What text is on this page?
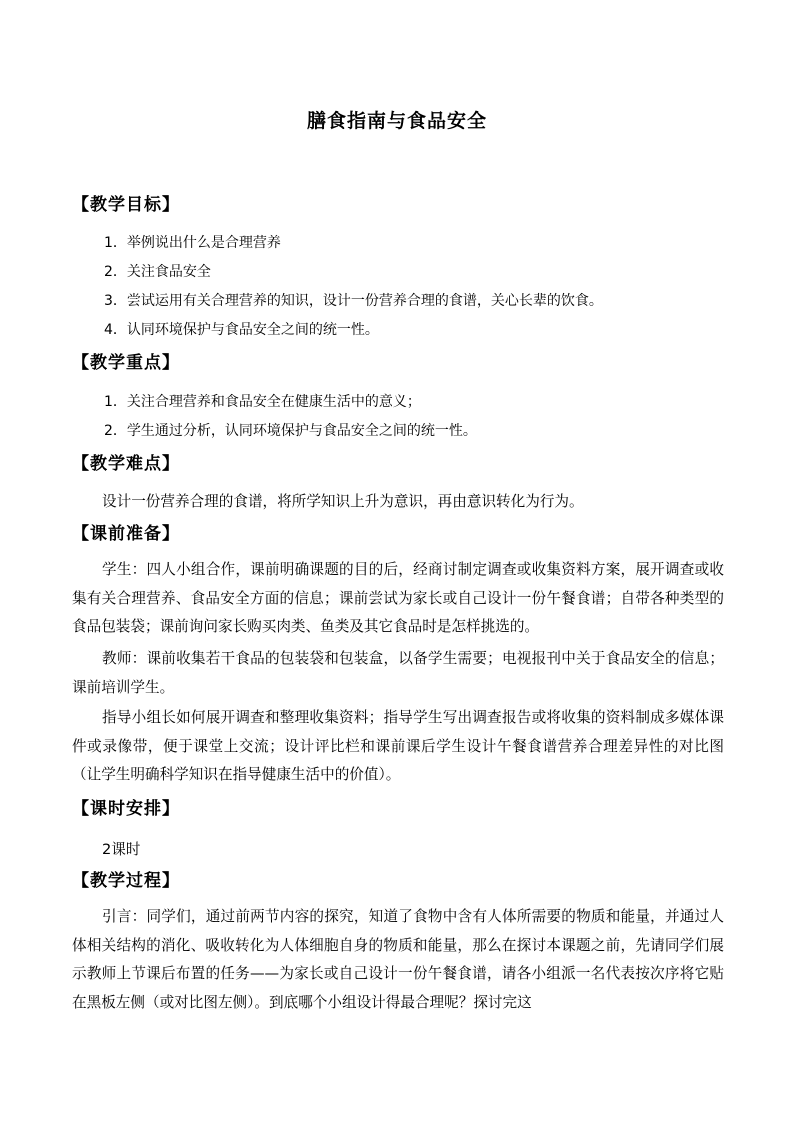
膳食指南与食品安全
【教学目标】
1．举例说出什么是合理营养
2．关注食品安全
3．尝试运用有关合理营养的知识，设计一份营养合理的食谱，关心长辈的饮食。
4．认同环境保护与食品安全之间的统一性。
【教学重点】
1．关注合理营养和食品安全在健康生活中的意义；
2．学生通过分析，认同环境保护与食品安全之间的统一性。
【教学难点】
设计一份营养合理的食谱，将所学知识上升为意识，再由意识转化为行为。
【课前准备】

学生：四人小组合作，课前明确课题的目的后，经商讨制定调查或收集资料方案，展开调查或收集有关合理营养、食品安全方面的信息；课前尝试为家长或自己设计一份午餐食谱；自带各种类型的食品包装袋；课前询问家长购买肉类、鱼类及其它食品时是怎样挑选的。

教师：课前收集若干食品的包装袋和包装盒，以备学生需要；电视报刊中关于食品安全的信息；课前培训学生。

指导小组长如何展开调查和整理收集资料；指导学生写出调查报告或将收集的资料制成多媒体课件或录像带，便于课堂上交流；设计评比栏和课前课后学生设计午餐食谱营养合理差异性的对比图（让学生明确科学知识在指导健康生活中的价值）。

【课时安排】
2课时
【教学过程】

引言：同学们，通过前两节内容的探究，知道了食物中含有人体所需要的物质和能量，并通过人体相关结构的消化、吸收转化为人体细胞自身的物质和能量，那么在探讨本课题之前，先请同学们展示教师上节课后布置的任务——为家长或自己设计一份午餐食谱，请各小组派一名代表按次序将它贴在黑板左侧（或对比图左侧）。到底哪个小组设计得最合理呢？探讨完这
